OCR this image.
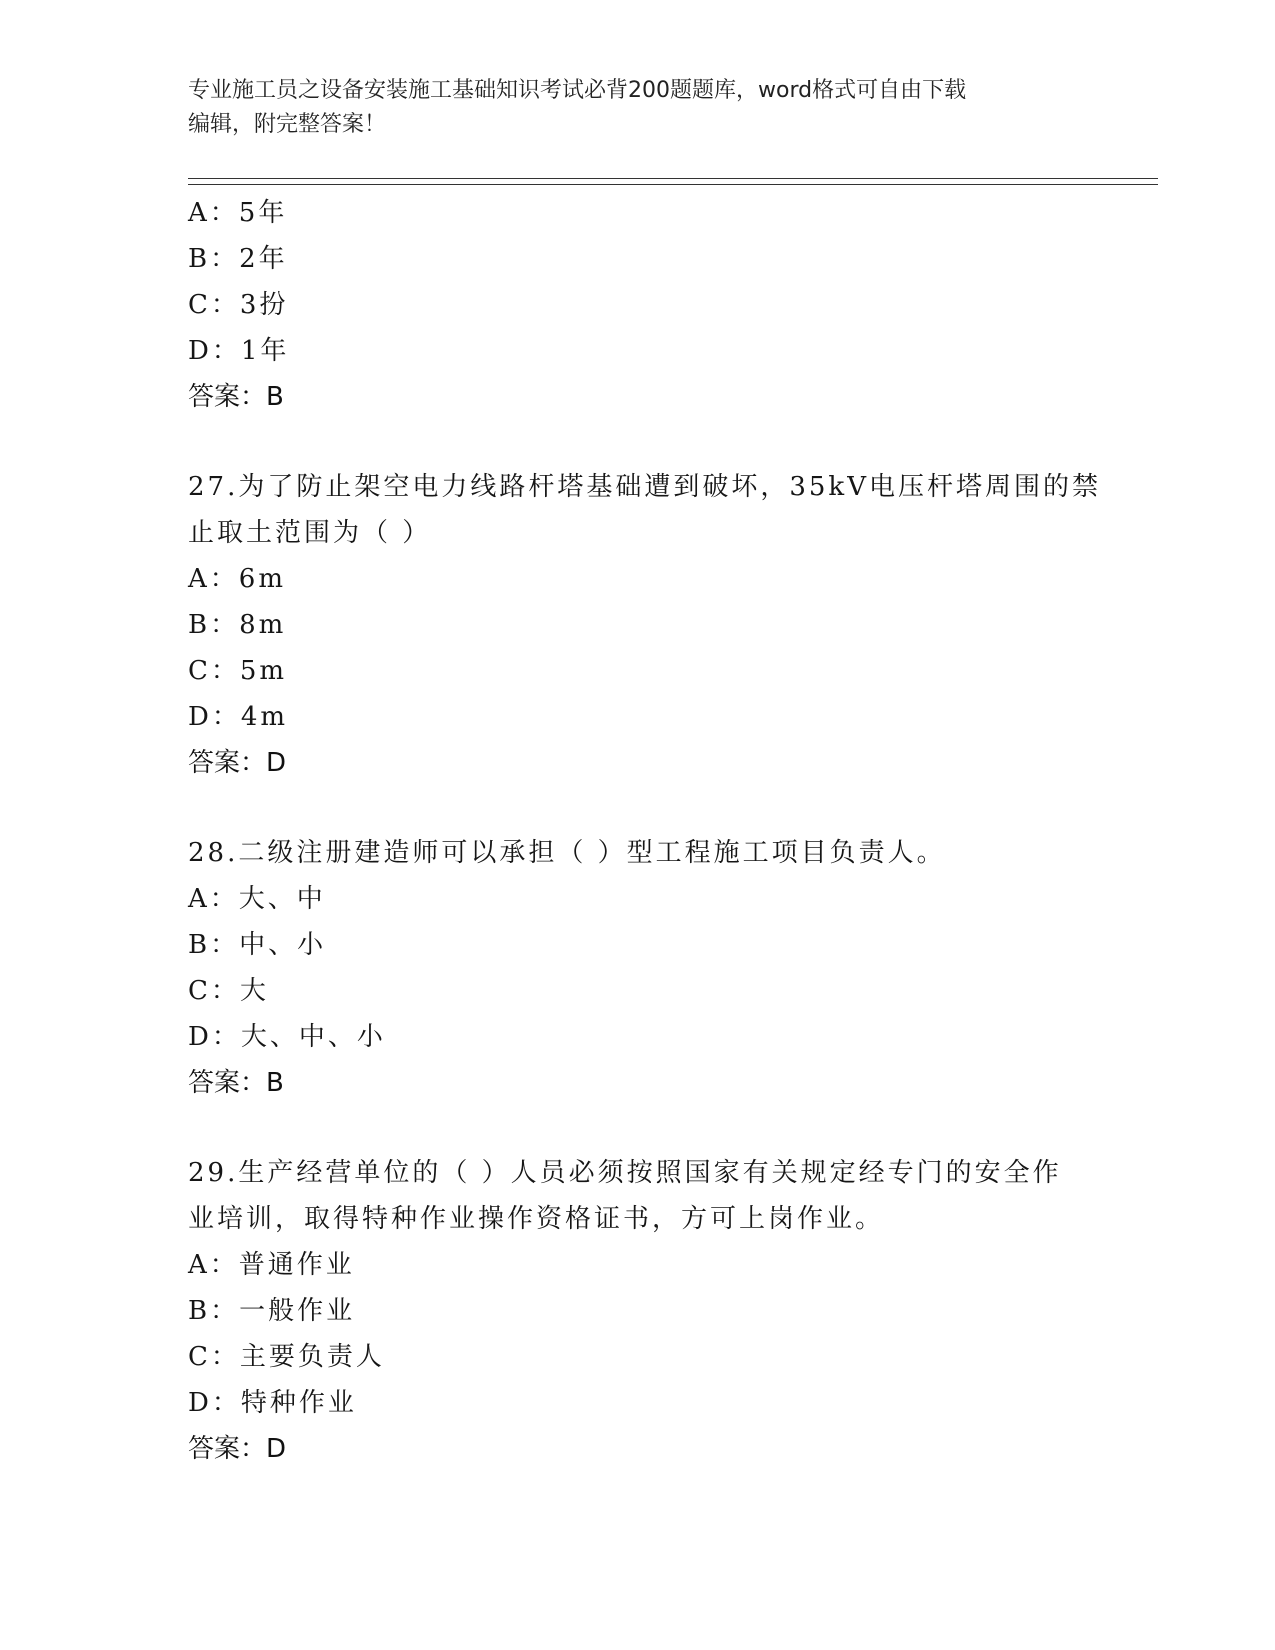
专业施工员之设备安装施工基础知识考试必背200题题库，word格式可自由下载
编辑，附完整答案！
A：5年
B：2年
C：3扮
D：1年
答案：B
27.为了防止架空电力线路杆塔基础遭到破坏，35kV电压杆塔周围的禁
止取土范围为（ ）
A：6m
B：8m
C：5m
D：4m
答案：D
28.二级注册建造师可以承担（ ）型工程施工项目负责人。
A：大、中
B：中、小
C：大
D：大、中、小
答案：B
29.生产经营单位的（ ）人员必须按照国家有关规定经专门的安全作
业培训，取得特种作业操作资格证书，方可上岗作业。
A：普通作业
B：一般作业
C：主要负责人
D：特种作业
答案：D
